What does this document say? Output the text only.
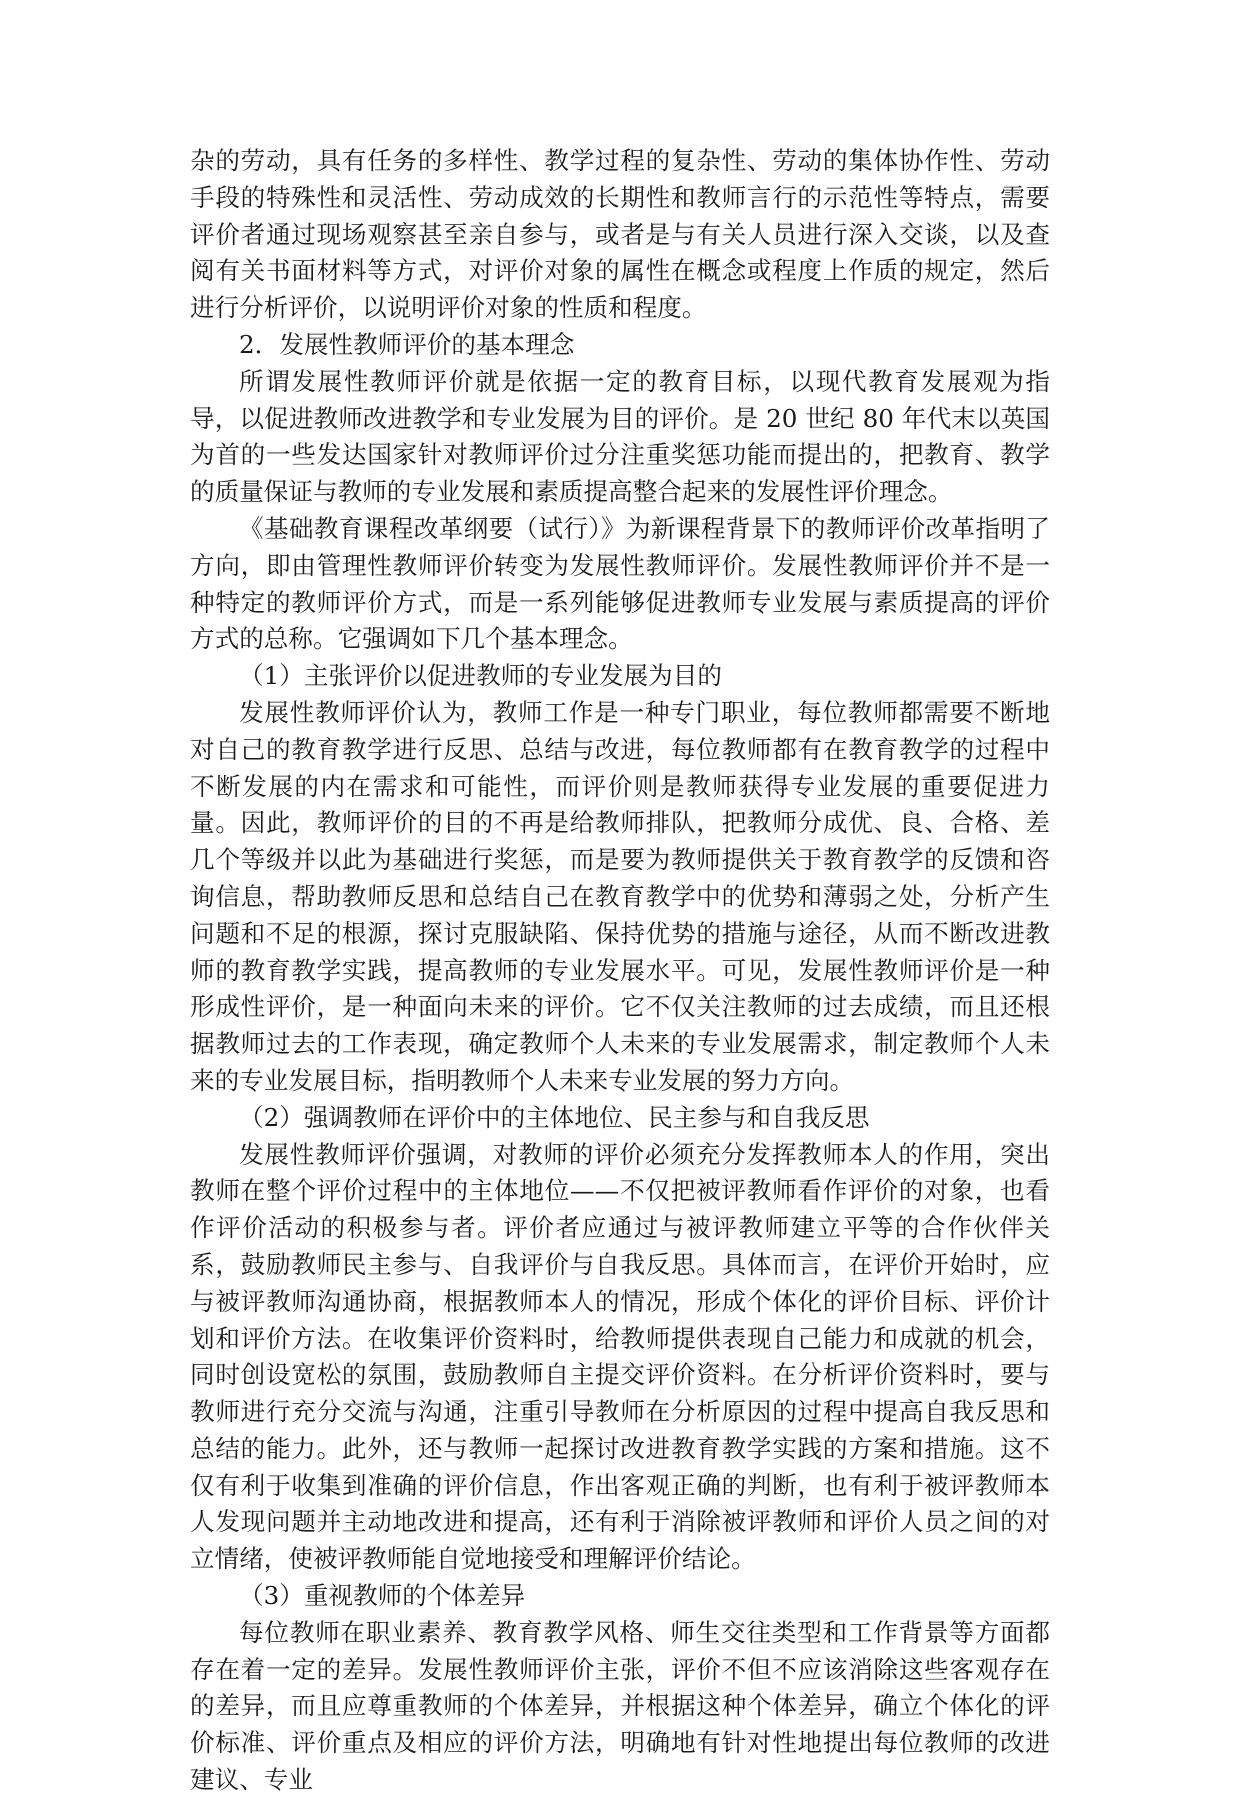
杂的劳动，具有任务的多样性、教学过程的复杂性、劳动的集体协作性、劳动手段的特殊性和灵活性、劳动成效的长期性和教师言行的示范性等特点，需要评价者通过现场观察甚至亲自参与，或者是与有关人员进行深入交谈，以及查阅有关书面材料等方式，对评价对象的属性在概念或程度上作质的规定，然后进行分析评价，以说明评价对象的性质和程度。

2．发展性教师评价的基本理念

所谓发展性教师评价就是依据一定的教育目标，以现代教育发展观为指导，以促进教师改进教学和专业发展为目的评价。是 20 世纪 80 年代末以英国为首的一些发达国家针对教师评价过分注重奖惩功能而提出的，把教育、教学的质量保证与教师的专业发展和素质提高整合起来的发展性评价理念。

《基础教育课程改革纲要（试行）》为新课程背景下的教师评价改革指明了方向，即由管理性教师评价转变为发展性教师评价。发展性教师评价并不是一种特定的教师评价方式，而是一系列能够促进教师专业发展与素质提高的评价方式的总称。它强调如下几个基本理念。

（1）主张评价以促进教师的专业发展为目的

发展性教师评价认为，教师工作是一种专门职业，每位教师都需要不断地对自己的教育教学进行反思、总结与改进，每位教师都有在教育教学的过程中不断发展的内在需求和可能性，而评价则是教师获得专业发展的重要促进力量。因此，教师评价的目的不再是给教师排队，把教师分成优、良、合格、差几个等级并以此为基础进行奖惩，而是要为教师提供关于教育教学的反馈和咨询信息，帮助教师反思和总结自己在教育教学中的优势和薄弱之处，分析产生问题和不足的根源，探讨克服缺陷、保持优势的措施与途径，从而不断改进教师的教育教学实践，提高教师的专业发展水平。可见，发展性教师评价是一种形成性评价，是一种面向未来的评价。它不仅关注教师的过去成绩，而且还根据教师过去的工作表现，确定教师个人未来的专业发展需求，制定教师个人未来的专业发展目标，指明教师个人未来专业发展的努力方向。

（2）强调教师在评价中的主体地位、民主参与和自我反思

发展性教师评价强调，对教师的评价必须充分发挥教师本人的作用，突出教师在整个评价过程中的主体地位——不仅把被评教师看作评价的对象，也看作评价活动的积极参与者。评价者应通过与被评教师建立平等的合作伙伴关系，鼓励教师民主参与、自我评价与自我反思。具体而言，在评价开始时，应与被评教师沟通协商，根据教师本人的情况，形成个体化的评价目标、评价计划和评价方法。在收集评价资料时，给教师提供表现自己能力和成就的机会，同时创设宽松的氛围，鼓励教师自主提交评价资料。在分析评价资料时，要与教师进行充分交流与沟通，注重引导教师在分析原因的过程中提高自我反思和总结的能力。此外，还与教师一起探讨改进教育教学实践的方案和措施。这不仅有利于收集到准确的评价信息，作出客观正确的判断，也有利于被评教师本人发现问题并主动地改进和提高，还有利于消除被评教师和评价人员之间的对立情绪，使被评教师能自觉地接受和理解评价结论。

（3）重视教师的个体差异

每位教师在职业素养、教育教学风格、师生交往类型和工作背景等方面都存在着一定的差异。发展性教师评价主张，评价不但不应该消除这些客观存在的差异，而且应尊重教师的个体差异，并根据这种个体差异，确立个体化的评价标准、评价重点及相应的评价方法，明确地有针对性地提出每位教师的改进建议、专业
